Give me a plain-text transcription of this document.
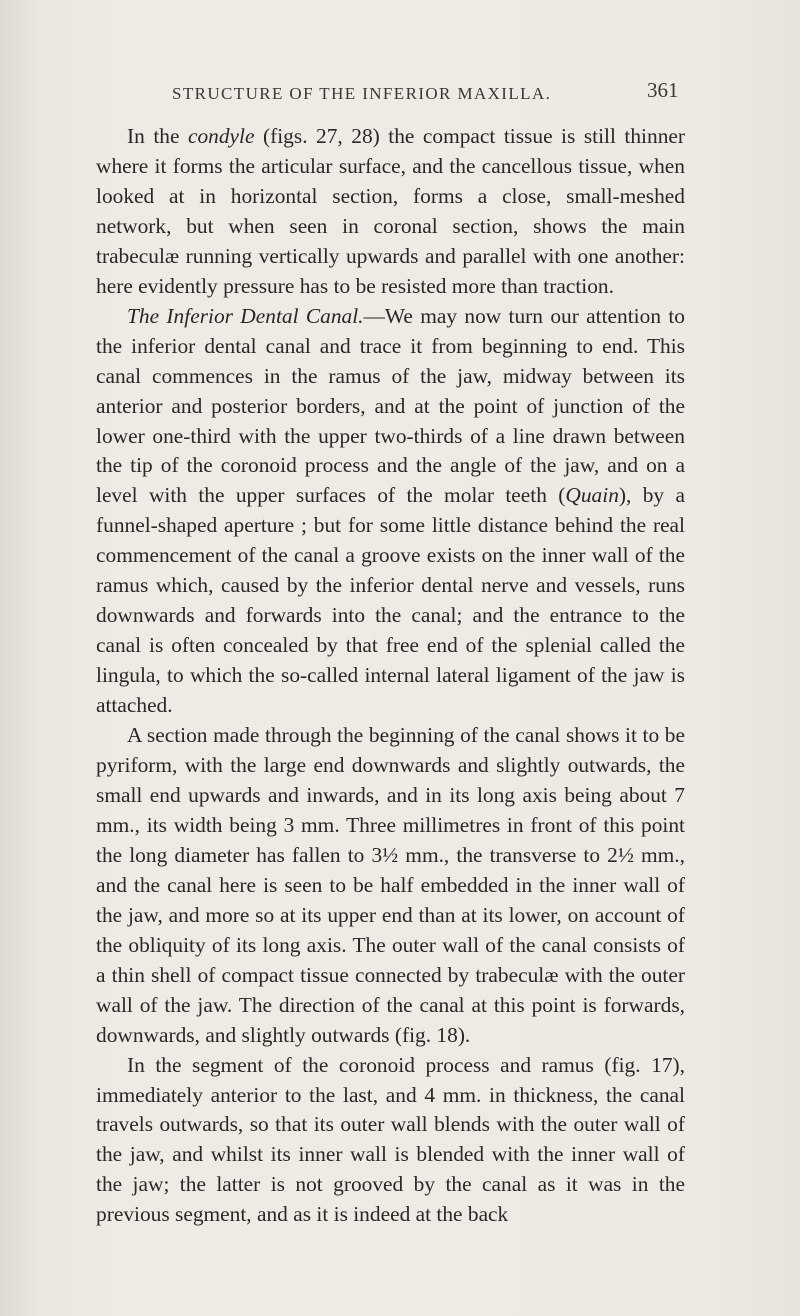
STRUCTURE OF THE INFERIOR MAXILLA.	361

In the condyle (figs. 27, 28) the compact tissue is still thinner where it forms the articular surface, and the cancellous tissue, when looked at in horizontal section, forms a close, small-meshed network, but when seen in coronal section, shows the main trabeculæ running vertically upwards and parallel with one another: here evidently pressure has to be resisted more than traction.

The Inferior Dental Canal.—We may now turn our attention to the inferior dental canal and trace it from beginning to end. This canal commences in the ramus of the jaw, midway between its anterior and posterior borders, and at the point of junction of the lower one-third with the upper two-thirds of a line drawn between the tip of the coronoid process and the angle of the jaw, and on a level with the upper surfaces of the molar teeth (Quain), by a funnel-shaped aperture ; but for some little distance behind the real commencement of the canal a groove exists on the inner wall of the ramus which, caused by the inferior dental nerve and vessels, runs downwards and forwards into the canal; and the entrance to the canal is often concealed by that free end of the splenial called the lingula, to which the so-called internal lateral ligament of the jaw is attached.

A section made through the beginning of the canal shows it to be pyriform, with the large end downwards and slightly outwards, the small end upwards and inwards, and in its long axis being about 7 mm., its width being 3 mm. Three millimetres in front of this point the long diameter has fallen to 3½ mm., the transverse to 2½ mm., and the canal here is seen to be half embedded in the inner wall of the jaw, and more so at its upper end than at its lower, on account of the obliquity of its long axis. The outer wall of the canal consists of a thin shell of compact tissue connected by trabeculæ with the outer wall of the jaw. The direction of the canal at this point is forwards, downwards, and slightly outwards (fig. 18).

In the segment of the coronoid process and ramus (fig. 17), immediately anterior to the last, and 4 mm. in thickness, the canal travels outwards, so that its outer wall blends with the outer wall of the jaw, and whilst its inner wall is blended with the inner wall of the jaw; the latter is not grooved by the canal as it was in the previous segment, and as it is indeed at the back
